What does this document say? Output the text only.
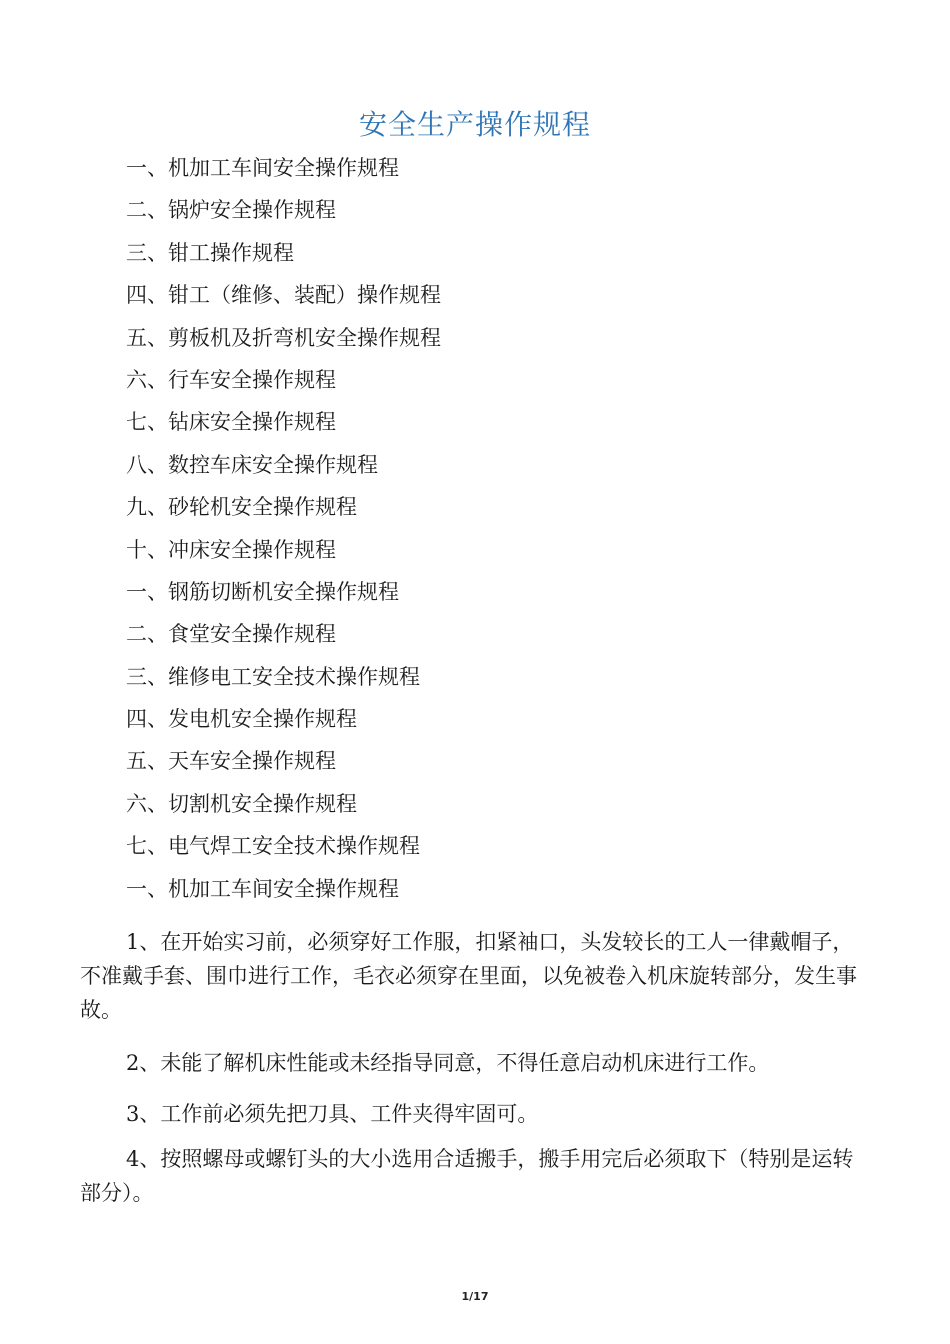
安全生产操作规程
一、机加工车间安全操作规程
二、锅炉安全操作规程
三、钳工操作规程
四、钳工（维修、装配）操作规程
五、剪板机及折弯机安全操作规程
六、行车安全操作规程
七、钻床安全操作规程
八、数控车床安全操作规程
九、砂轮机安全操作规程
十、冲床安全操作规程
一、钢筋切断机安全操作规程
二、食堂安全操作规程
三、维修电工安全技术操作规程
四、发电机安全操作规程
五、天车安全操作规程
六、切割机安全操作规程
七、电气焊工安全技术操作规程
一、机加工车间安全操作规程

1、在开始实习前，必须穿好工作服，扣紧袖口，头发较长的工人一律戴帽子，不准戴手套、围巾进行工作，毛衣必须穿在里面，以免被卷入机床旋转部分，发生事故。

2、未能了解机床性能或未经指导同意，不得任意启动机床进行工作。

3、工作前必须先把刀具、工件夹得牢固可。

4、按照螺母或螺钉头的大小选用合适搬手，搬手用完后必须取下（特别是运转部分）。

1/17
